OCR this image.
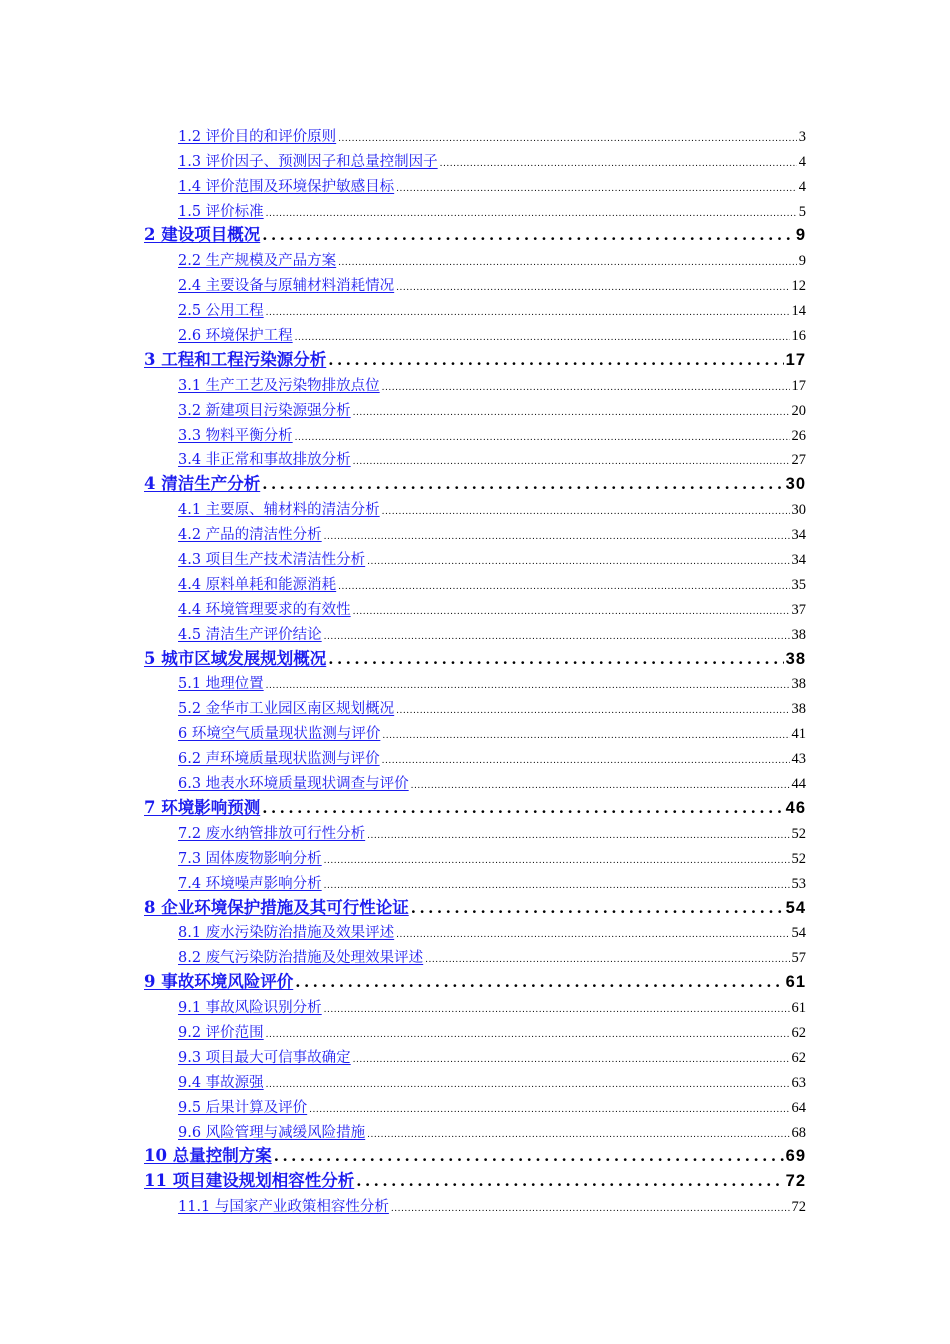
1.2 评价目的和评价原则 .....	3
1.3 评价因子、预测因子和总量控制因子 .....	4
1.4 评价范围及环境保护敏感目标 .....	4
1.5 评价标准 .....	5
2 建设项目概况 .....	9
2.2 生产规模及产品方案 .....	9
2.4 主要设备与原辅材料消耗情况 .....	12
2.5 公用工程 .....	14
2.6 环境保护工程 .....	16
3 工程和工程污染源分析 .....	17
3.1 生产工艺及污染物排放点位 .....	17
3.2 新建项目污染源强分析 .....	20
3.3 物料平衡分析 .....	26
3.4 非正常和事故排放分析 .....	27
4 清洁生产分析 .....	30
4.1 主要原、辅材料的清洁分析 .....	30
4.2 产品的清洁性分析 .....	34
4.3 项目生产技术清洁性分析 .....	34
4.4 原料单耗和能源消耗 .....	35
4.4 环境管理要求的有效性 .....	37
4.5 清洁生产评价结论 .....	38
5 城市区域发展规划概况 .....	38
5.1 地理位置 .....	38
5.2 金华市工业园区南区规划概况 .....	38
6 环境空气质量现状监测与评价 .....	41
6.2 声环境质量现状监测与评价 .....	43
6.3 地表水环境质量现状调查与评价 .....	44
7 环境影响预测 .....	46
7.2 废水纳管排放可行性分析 .....	52
7.3 固体废物影响分析 .....	52
7.4 环境噪声影响分析 .....	53
8 企业环境保护措施及其可行性论证 .....	54
8.1 废水污染防治措施及效果评述 .....	54
8.2 废气污染防治措施及处理效果评述 .....	57
9 事故环境风险评价 .....	61
9.1 事故风险识别分析 .....	61
9.2 评价范围 .....	62
9.3 项目最大可信事故确定 .....	62
9.4 事故源强 .....	63
9.5 后果计算及评价 .....	64
9.6 风险管理与减缓风险措施 .....	68
10 总量控制方案 .....	69
11 项目建设规划相容性分析 .....	72
11.1 与国家产业政策相容性分析 .....	72
